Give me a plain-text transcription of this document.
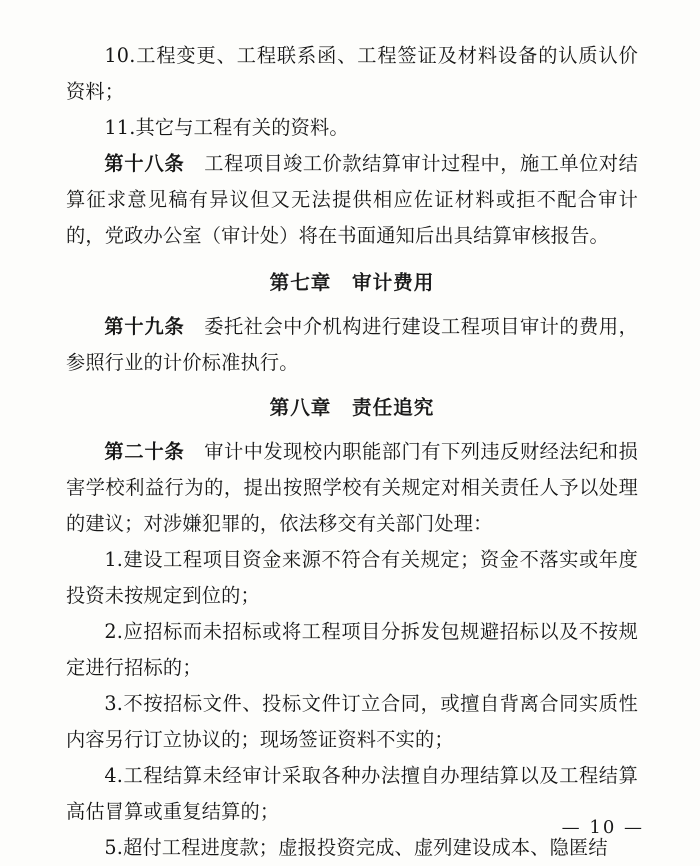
10.工程变更、工程联系函、工程签证及材料设备的认质认价资料；

11.其它与工程有关的资料。

第十八条　 工程项目竣工价款结算审计过程中，施工单位对结算征求意见稿有异议但又无法提供相应佐证材料或拒不配合审计的，党政办公室（审计处）将在书面通知后出具结算审核报告。

第七章　审计费用

第十九条　 委托社会中介机构进行建设工程项目审计的费用，参照行业的计价标准执行。

第八章　责任追究

第二十条　 审计中发现校内职能部门有下列违反财经法纪和损害学校利益行为的，提出按照学校有关规定对相关责任人予以处理的建议；对涉嫌犯罪的，依法移交有关部门处理：

1.建设工程项目资金来源不符合有关规定；资金不落实或年度投资未按规定到位的；

2.应招标而未招标或将工程项目分拆发包规避招标以及不按规定进行招标的；

3.不按招标文件、投标文件订立合同，或擅自背离合同实质性内容另行订立协议的；现场签证资料不实的；

4.工程结算未经审计采取各种办法擅自办理结算以及工程结算高估冒算或重复结算的；

5.超付工程进度款；虚报投资完成、虚列建设成本、隐匿结

— 10 —
